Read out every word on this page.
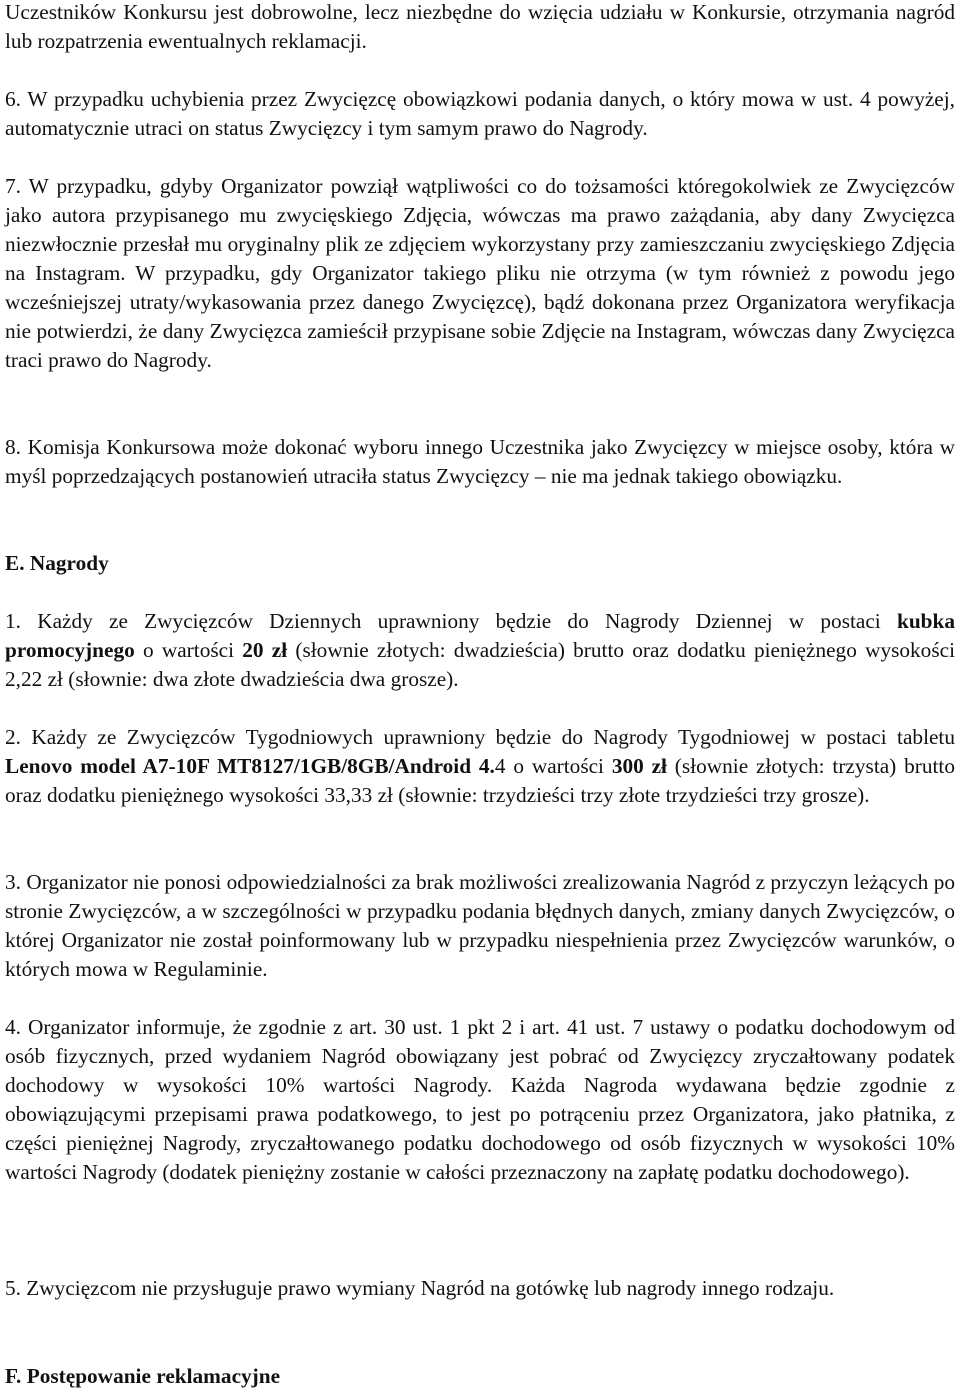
Uczestników Konkursu jest dobrowolne, lecz niezbędne do wzięcia udziału w Konkursie, otrzymania nagród lub rozpatrzenia ewentualnych reklamacji.

6. W przypadku uchybienia przez Zwycięzcę obowiązkowi podania danych, o który mowa w ust. 4 powyżej, automatycznie utraci on status Zwycięzcy i tym samym prawo do Nagrody.

7. W przypadku, gdyby Organizator powziął wątpliwości co do tożsamości któregokolwiek ze Zwycięzców jako autora przypisanego mu zwycięskiego Zdjęcia, wówczas ma prawo zażądania, aby dany Zwycięzca niezwłocznie przesłał mu oryginalny plik ze zdjęciem wykorzystany przy zamieszczaniu zwycięskiego Zdjęcia na Instagram. W przypadku, gdy Organizator takiego pliku nie otrzyma (w tym również z powodu jego wcześniejszej utraty/wykasowania przez danego Zwycięzcę), bądź dokonana przez Organizatora weryfikacja nie potwierdzi, że dany Zwycięzca zamieścił przypisane sobie Zdjęcie na Instagram, wówczas dany Zwycięzca traci prawo do Nagrody.

8. Komisja Konkursowa może dokonać wyboru innego Uczestnika jako Zwycięzcy w miejsce osoby, która w myśl poprzedzających postanowień utraciła status Zwycięzcy – nie ma jednak takiego obowiązku.

E. Nagrody

1. Każdy ze Zwycięzców Dziennych uprawniony będzie do Nagrody Dziennej w postaci kubka promocyjnego o wartości 20 zł (słownie złotych: dwadzieścia) brutto oraz dodatku pieniężnego wysokości 2,22 zł (słownie: dwa złote dwadzieścia dwa grosze).

2. Każdy ze Zwycięzców Tygodniowych uprawniony będzie do Nagrody Tygodniowej w postaci tabletu Lenovo model A7-10F MT8127/1GB/8GB/Android 4.4 o wartości 300 zł (słownie złotych: trzysta) brutto oraz dodatku pieniężnego wysokości 33,33 zł (słownie: trzydzieści trzy złote trzydzieści trzy grosze).

3. Organizator nie ponosi odpowiedzialności za brak możliwości zrealizowania Nagród z przyczyn leżących po stronie Zwycięzców, a w szczególności w przypadku podania błędnych danych, zmiany danych Zwycięzców, o której Organizator nie został poinformowany lub w przypadku niespełnienia przez Zwycięzców warunków, o których mowa w Regulaminie.

4. Organizator informuje, że zgodnie z art. 30 ust. 1 pkt 2 i art. 41 ust. 7 ustawy o podatku dochodowym od osób fizycznych, przed wydaniem Nagród obowiązany jest pobrać od Zwycięzcy zryczałtowany podatek dochodowy w wysokości 10% wartości Nagrody. Każda Nagroda wydawana będzie zgodnie z obowiązującymi przepisami prawa podatkowego, to jest po potrąceniu przez Organizatora, jako płatnika, z części pieniężnej Nagrody, zryczałtowanego podatku dochodowego od osób fizycznych w wysokości 10% wartości Nagrody (dodatek pieniężny zostanie w całości przeznaczony na zapłatę podatku dochodowego).

5. Zwycięzcom nie przysługuje prawo wymiany Nagród na gotówkę lub nagrody innego rodzaju.

F. Postępowanie reklamacyjne
